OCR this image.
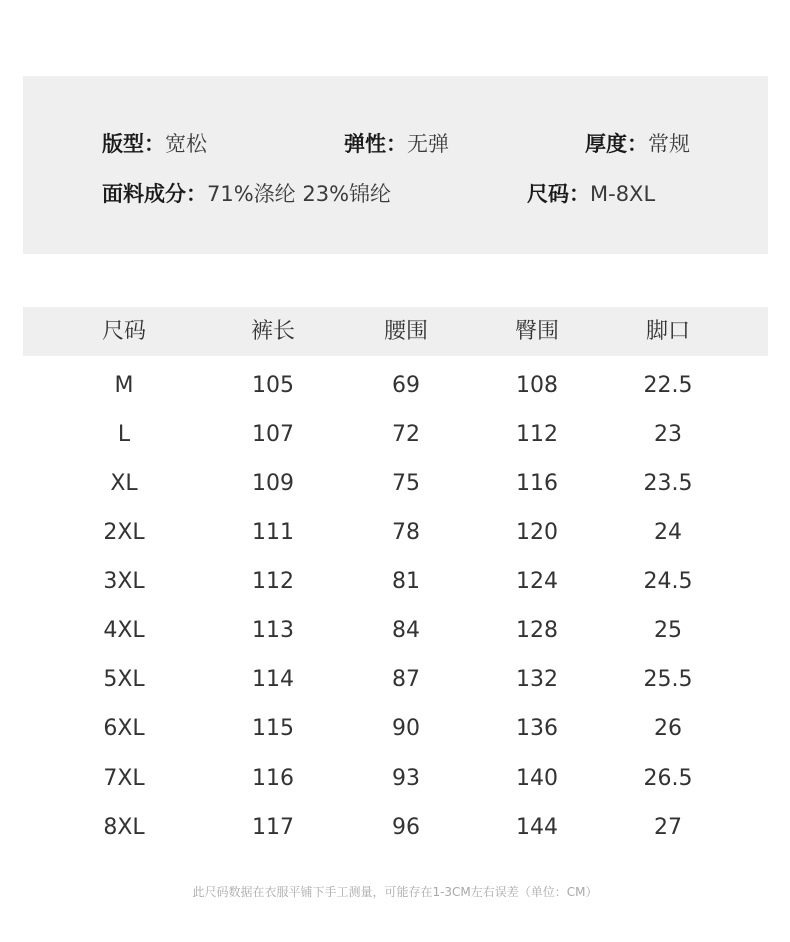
版型：宽松	弹性：无弹	厚度：常规
面料成分：71%涤纶 23%锦纶	尺码：M-8XL
尺码	裤长	腰围	臀围	脚口
M	105	69	108	22.5
L	107	72	112	23
XL	109	75	116	23.5
2XL	111	78	120	24
3XL	112	81	124	24.5
4XL	113	84	128	25
5XL	114	87	132	25.5
6XL	115	90	136	26
7XL	116	93	140	26.5
8XL	117	96	144	27
此尺码数据在衣服平铺下手工测量，可能存在1-3CM左右误差（单位：CM）
